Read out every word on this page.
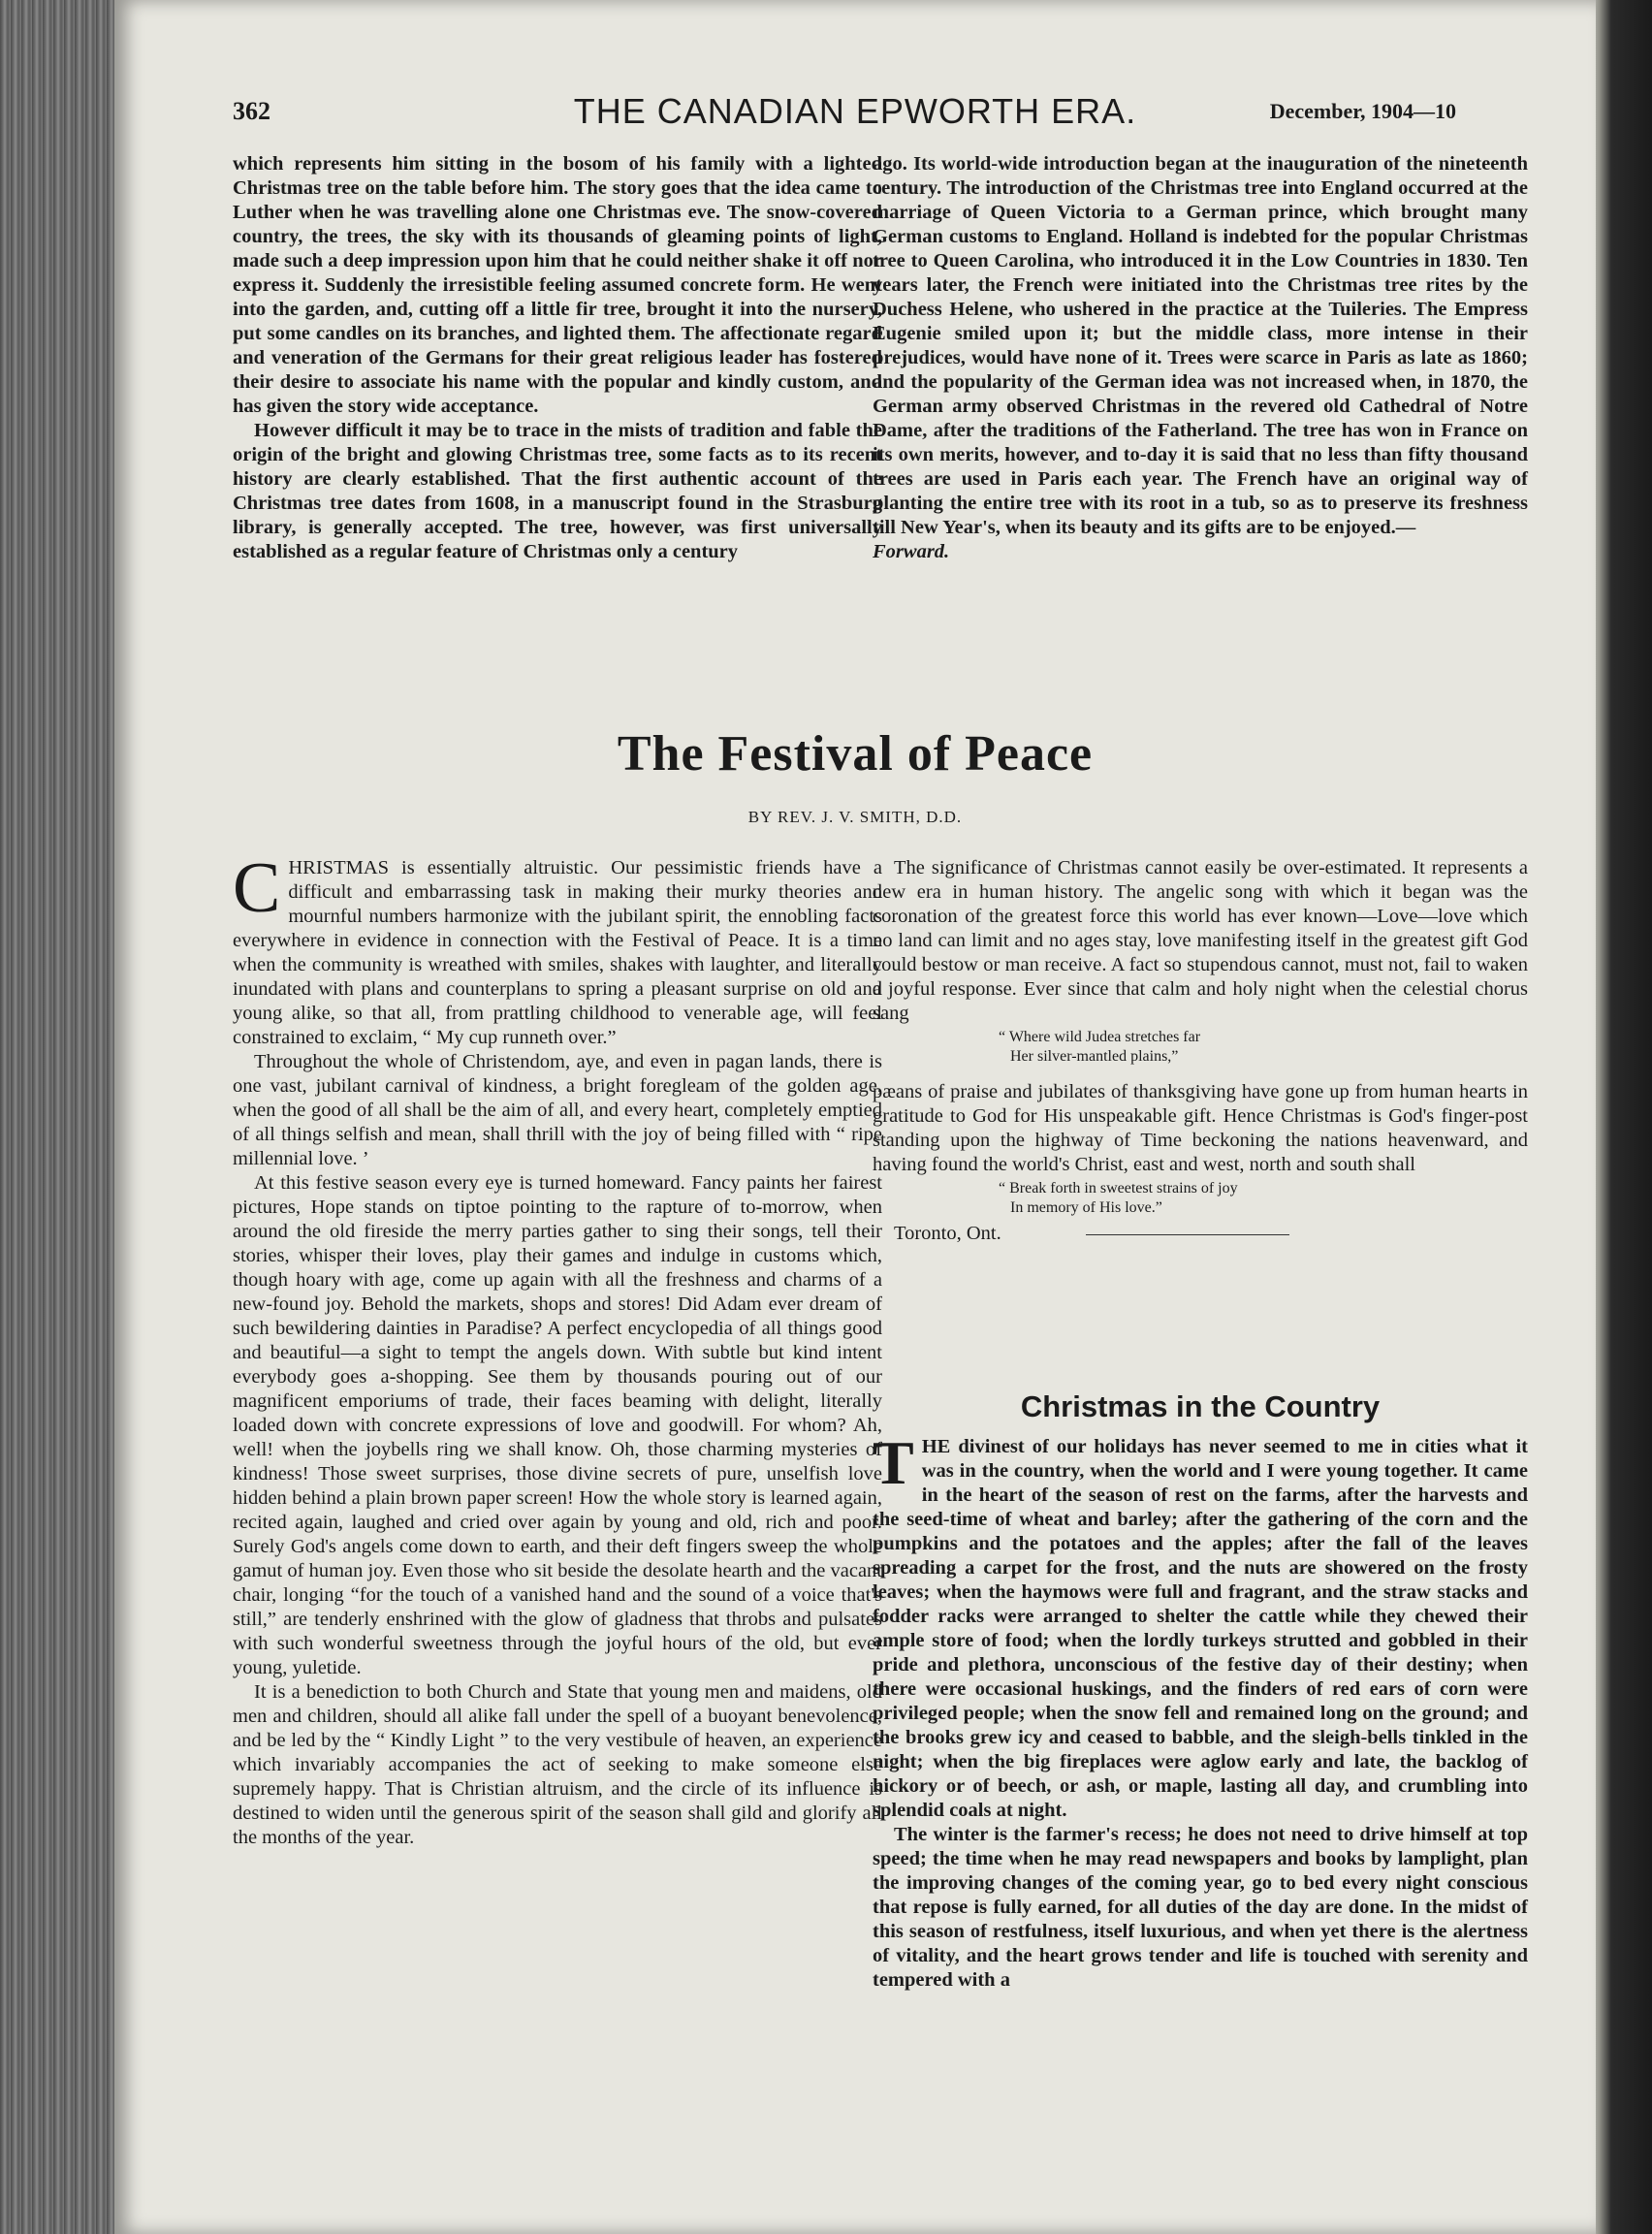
362	THE CANADIAN EPWORTH ERA.	December, 1904—10

which represents him sitting in the bosom of his family with a lighted Christmas tree on the table before him. The story goes that the idea came to Luther when he was travelling alone one Christmas eve. The snow-covered country, the trees, the sky with its thousands of gleaming points of light, made such a deep impression upon him that he could neither shake it off nor express it. Suddenly the irresistible feeling assumed concrete form. He went into the garden, and, cutting off a little fir tree, brought it into the nursery, put some candles on its branches, and lighted them. The affectionate regard and veneration of the Germans for their great religious leader has fostered their desire to associate his name with the popular and kindly custom, and has given the story wide acceptance.

However difficult it may be to trace in the mists of tradition and fable the origin of the bright and glowing Christmas tree, some facts as to its recent history are clearly established. That the first authentic account of the Christmas tree dates from 1608, in a manuscript found in the Strasburg library, is generally accepted. The tree, however, was first universally established as a regular feature of Christmas only a century

ago. Its world-wide introduction began at the inauguration of the nineteenth century. The introduction of the Christmas tree into England occurred at the marriage of Queen Victoria to a German prince, which brought many German customs to England. Holland is indebted for the popular Christmas tree to Queen Carolina, who introduced it in the Low Countries in 1830. Ten years later, the French were initiated into the Christmas tree rites by the Duchess Helene, who ushered in the practice at the Tuileries. The Empress Eugenie smiled upon it; but the middle class, more intense in their prejudices, would have none of it. Trees were scarce in Paris as late as 1860; and the popularity of the German idea was not increased when, in 1870, the German army observed Christmas in the revered old Cathedral of Notre Dame, after the traditions of the Fatherland. The tree has won in France on its own merits, however, and to-day it is said that no less than fifty thousand trees are used in Paris each year. The French have an original way of planting the entire tree with its root in a tub, so as to preserve its freshness till New Year's, when its beauty and its gifts are to be enjoyed.—
Forward.

The Festival of Peace
BY REV. J. V. SMITH, D.D.

CHRISTMAS is essentially altruistic. Our pessimistic friends have a difficult and embarrassing task in making their murky theories and mournful numbers harmonize with the jubilant spirit, the ennobling facts everywhere in evidence in connection with the Festival of Peace. It is a time when the community is wreathed with smiles, shakes with laughter, and literally inundated with plans and counterplans to spring a pleasant surprise on old and young alike, so that all, from prattling childhood to venerable age, will feel constrained to exclaim, “ My cup runneth over.”

Throughout the whole of Christendom, aye, and even in pagan lands, there is one vast, jubilant carnival of kindness, a bright foregleam of the golden age, when the good of all shall be the aim of all, and every heart, completely emptied of all things selfish and mean, shall thrill with the joy of being filled with “ ripe millennial love. ’

At this festive season every eye is turned homeward. Fancy paints her fairest pictures, Hope stands on tiptoe pointing to the rapture of to-morrow, when around the old fireside the merry parties gather to sing their songs, tell their stories, whisper their loves, play their games and indulge in customs which, though hoary with age, come up again with all the freshness and charms of a new-found joy. Behold the markets, shops and stores! Did Adam ever dream of such bewildering dainties in Paradise? A perfect encyclopedia of all things good and beautiful—a sight to tempt the angels down. With subtle but kind intent everybody goes a-shopping. See them by thousands pouring out of our magnificent emporiums of trade, their faces beaming with delight, literally loaded down with concrete expressions of love and goodwill. For whom? Ah, well! when the joybells ring we shall know. Oh, those charming mysteries of kindness! Those sweet surprises, those divine secrets of pure, unselfish love hidden behind a plain brown paper screen! How the whole story is learned again, recited again, laughed and cried over again by young and old, rich and poor. Surely God's angels come down to earth, and their deft fingers sweep the whole gamut of human joy. Even those who sit beside the desolate hearth and the vacant chair, longing “for the touch of a vanished hand and the sound of a voice that's still,” are tenderly enshrined with the glow of gladness that throbs and pulsates with such wonderful sweetness through the joyful hours of the old, but ever young, yuletide.

It is a benediction to both Church and State that young men and maidens, old men and children, should all alike fall under the spell of a buoyant benevolence, and be led by the “ Kindly Light ” to the very vestibule of heaven, an experience which invariably accompanies the act of seeking to make someone else supremely happy. That is Christian altruism, and the circle of its influence is destined to widen until the generous spirit of the season shall gild and glorify all the months of the year.

The significance of Christmas cannot easily be over-estimated. It represents a new era in human history. The angelic song with which it began was the coronation of the greatest force this world has ever known—Love—love which no land can limit and no ages stay, love manifesting itself in the greatest gift God could bestow or man receive. A fact so stupendous cannot, must not, fail to waken a joyful response. Ever since that calm and holy night when the celestial chorus sang

“ Where wild Judea stretches far
Her silver-mantled plains,”

pæans of praise and jubilates of thanksgiving have gone up from human hearts in gratitude to God for His unspeakable gift. Hence Christmas is God's finger-post standing upon the highway of Time beckoning the nations heavenward, and having found the world's Christ, east and west, north and south shall

“ Break forth in sweetest strains of joy
In memory of His love.”

Toronto, Ont.

Christmas in the Country

THE divinest of our holidays has never seemed to me in cities what it was in the country, when the world and I were young together. It came in the heart of the season of rest on the farms, after the harvests and the seed-time of wheat and barley; after the gathering of the corn and the pumpkins and the potatoes and the apples; after the fall of the leaves spreading a carpet for the frost, and the nuts are showered on the frosty leaves; when the haymows were full and fragrant, and the straw stacks and fodder racks were arranged to shelter the cattle while they chewed their ample store of food; when the lordly turkeys strutted and gobbled in their pride and plethora, unconscious of the festive day of their destiny; when there were occasional huskings, and the finders of red ears of corn were privileged people; when the snow fell and remained long on the ground; and the brooks grew icy and ceased to babble, and the sleigh-bells tinkled in the night; when the big fireplaces were aglow early and late, the backlog of hickory or of beech, or ash, or maple, lasting all day, and crumbling into splendid coals at night.

The winter is the farmer's recess; he does not need to drive himself at top speed; the time when he may read newspapers and books by lamplight, plan the improving changes of the coming year, go to bed every night conscious that repose is fully earned, for all duties of the day are done. In the midst of this season of restfulness, itself luxurious, and when yet there is the alertness of vitality, and the heart grows tender and life is touched with serenity and tempered with a
